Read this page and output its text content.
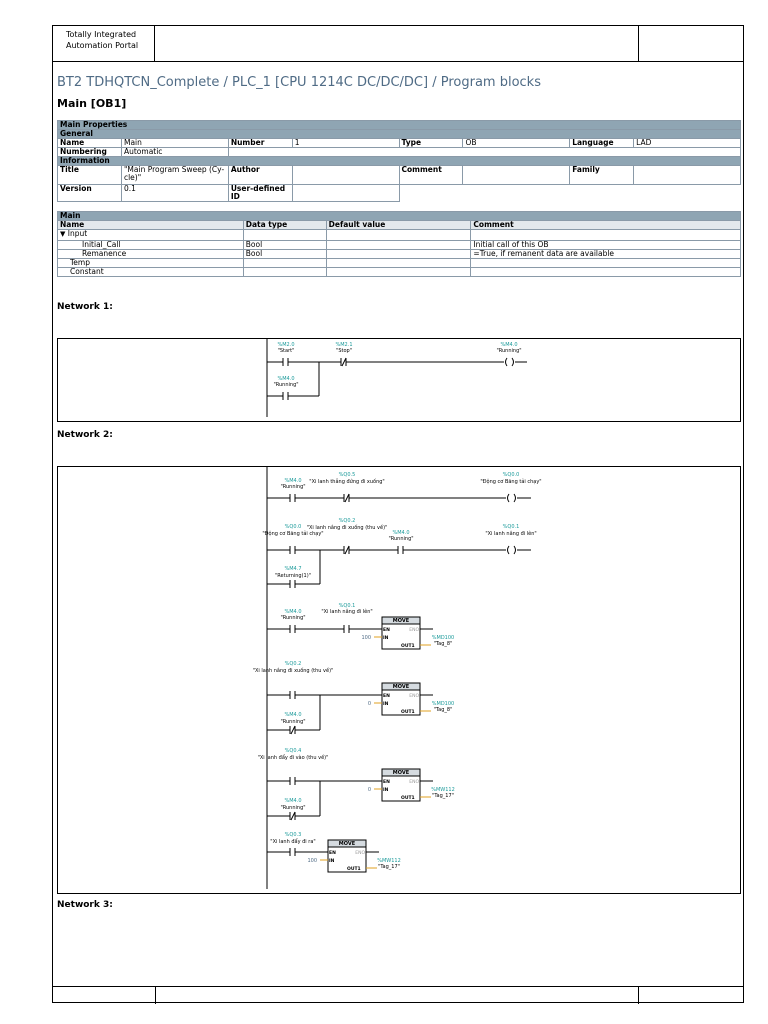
Totally Integrated
Automation Portal
BT2 TDHQTCN_Complete / PLC_1 [CPU 1214C DC/DC/DC] / Program blocks
Main [OB1]
Main Properties							
General							
Name	Main	Number	1	Type	OB	Language	LAD
Numbering	Automatic						
Information							
Title	"Main Program Sweep (Cy-cle)"	Author		Comment		Family	
Version	0.1	User-defined ID					
Main			
Name	Data type	Default value	Comment
▼ Input			
Initial_Call	Bool		Initial call of this OB
Remanence	Bool		=True, if remanent data are available
Temp			
Constant			
Network 1:
%M2.0
"Start"
%M2.1
"Stop"
%M4.0
"Running"
%M4.0
"Running"
Network 2:
%M4.0
"Running"
%Q0.5
"Xi lanh thẳng đứng đi xuống"
%Q0.0
"Động cơ Băng tải chạy"
%Q0.0
"Động cơ Băng tải chạy"
%Q0.2
"Xi lanh nâng đi xuống (thu về)"
%M4.0
"Running"
%Q0.1
"Xi lanh nâng đi lên"
%M4.7
"Returning(1)"
%M4.0
"Running"
%Q0.1
"Xi lanh nâng đi lên"
MOVE
100	%MD100
"Tag_8"
%Q0.2
"Xi lanh nâng đi xuống (thu về)"
%M4.0
"Running"
MOVE
0	%MD100
"Tag_8"
%Q0.4
"Xi lanh đẩy đi vào (thu về)"
%M4.0
"Running"
MOVE
0	%MW112
"Tag_17"
%Q0.3
"Xi lanh đẩy đi ra"	MOVE
100	%MW112
"Tag_17"
EN
IN
OUT1
EN
IN
OUT1
EN
IN
OUT1
EN
IN
OUT1
ENO
ENO
ENO
ENO
Network 3:
